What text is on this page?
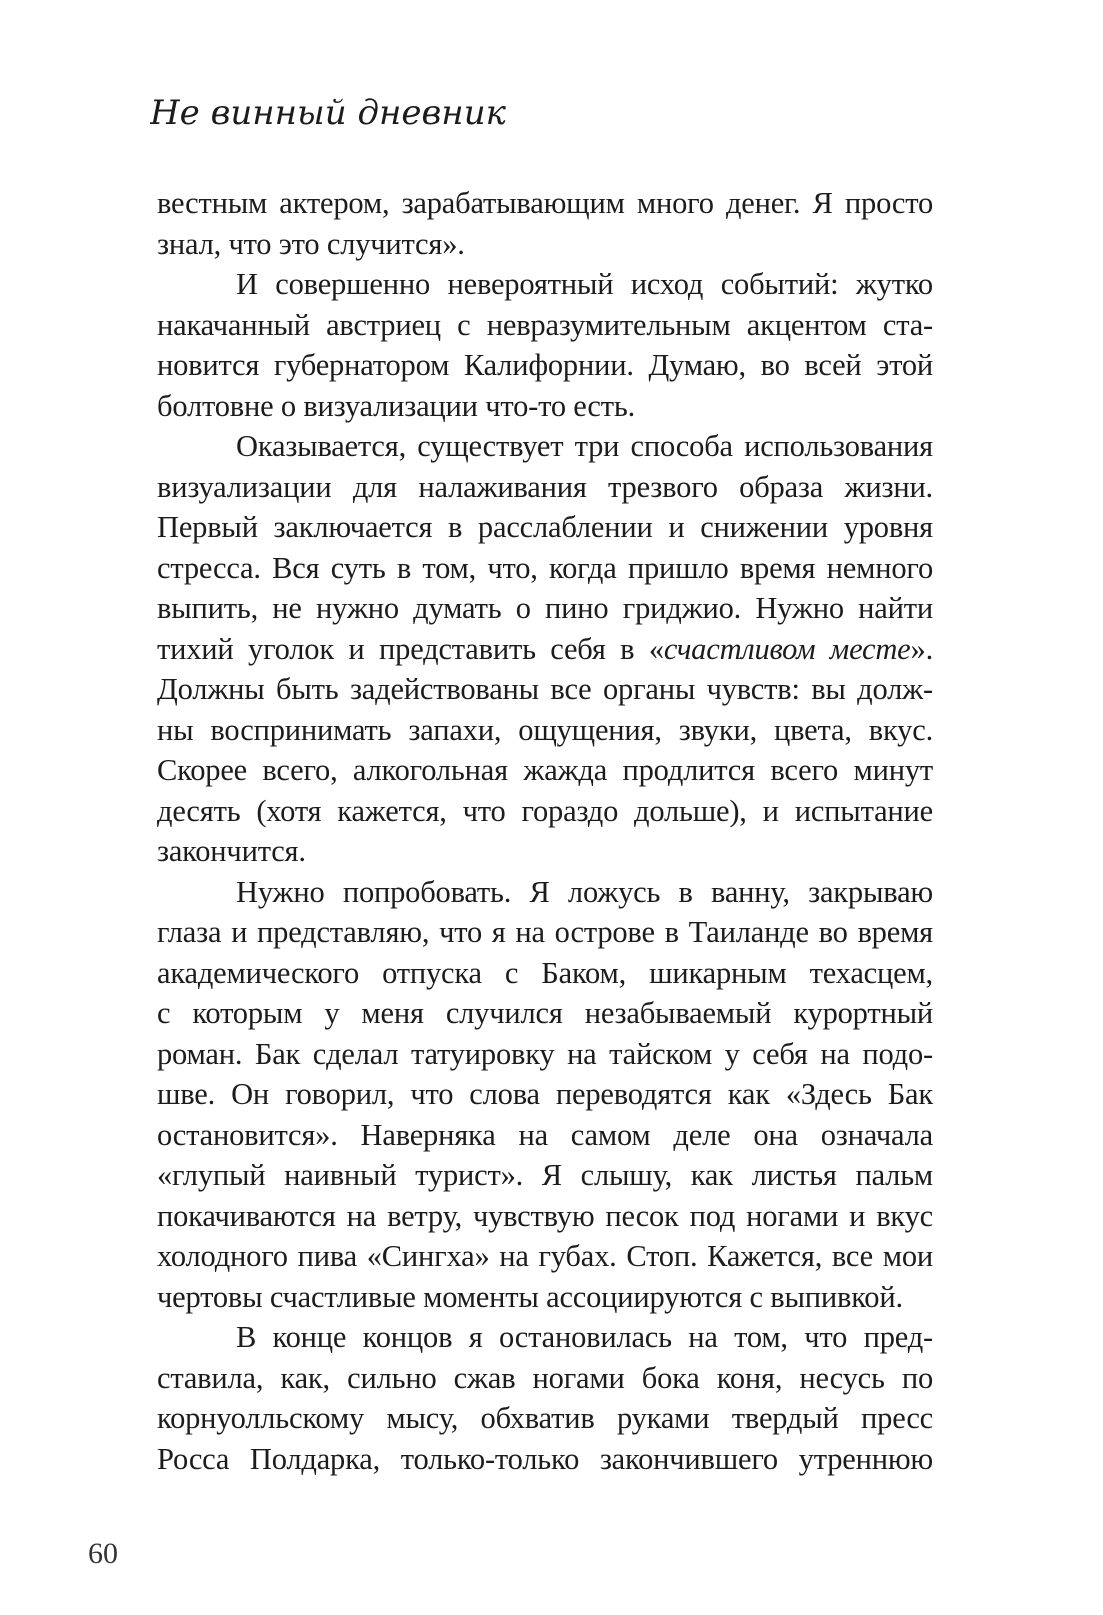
Не винный дневник
вестным актером, зарабатывающим много денег. Я просто
знал, что это случится».
И совершенно невероятный исход событий: жутко
накачанный австриец с невразумительным акцентом ста-
новится губернатором Калифорнии. Думаю, во всей этой
болтовне о визуализации что-то есть.
Оказывается, существует три способа использования
визуализации для налаживания трезвого образа жизни.
Первый заключается в расслаблении и снижении уровня
стресса. Вся суть в том, что, когда пришло время немного
выпить, не нужно думать о пино гриджио. Нужно найти
тихий уголок и представить себя в «счастливом месте».
Должны быть задействованы все органы чувств: вы долж-
ны воспринимать запахи, ощущения, звуки, цвета, вкус.
Скорее всего, алкогольная жажда продлится всего минут
десять (хотя кажется, что гораздо дольше), и испытание
закончится.
Нужно попробовать. Я ложусь в ванну, закрываю
глаза и представляю, что я на острове в Таиланде во время
академического отпуска с Баком, шикарным техасцем,
с которым у меня случился незабываемый курортный
роман. Бак сделал татуировку на тайском у себя на подо-
шве. Он говорил, что слова переводятся как «Здесь Бак
остановится». Наверняка на самом деле она означала
«глупый наивный турист». Я слышу, как листья пальм
покачиваются на ветру, чувствую песок под ногами и вкус
холодного пива «Сингха» на губах. Стоп. Кажется, все мои
чертовы счастливые моменты ассоциируются с выпивкой.
В конце концов я остановилась на том, что пред-
ставила, как, сильно сжав ногами бока коня, несусь по
корнуолльскому мысу, обхватив руками твердый пресс
Росса Полдарка, только-только закончившего утреннюю
60
